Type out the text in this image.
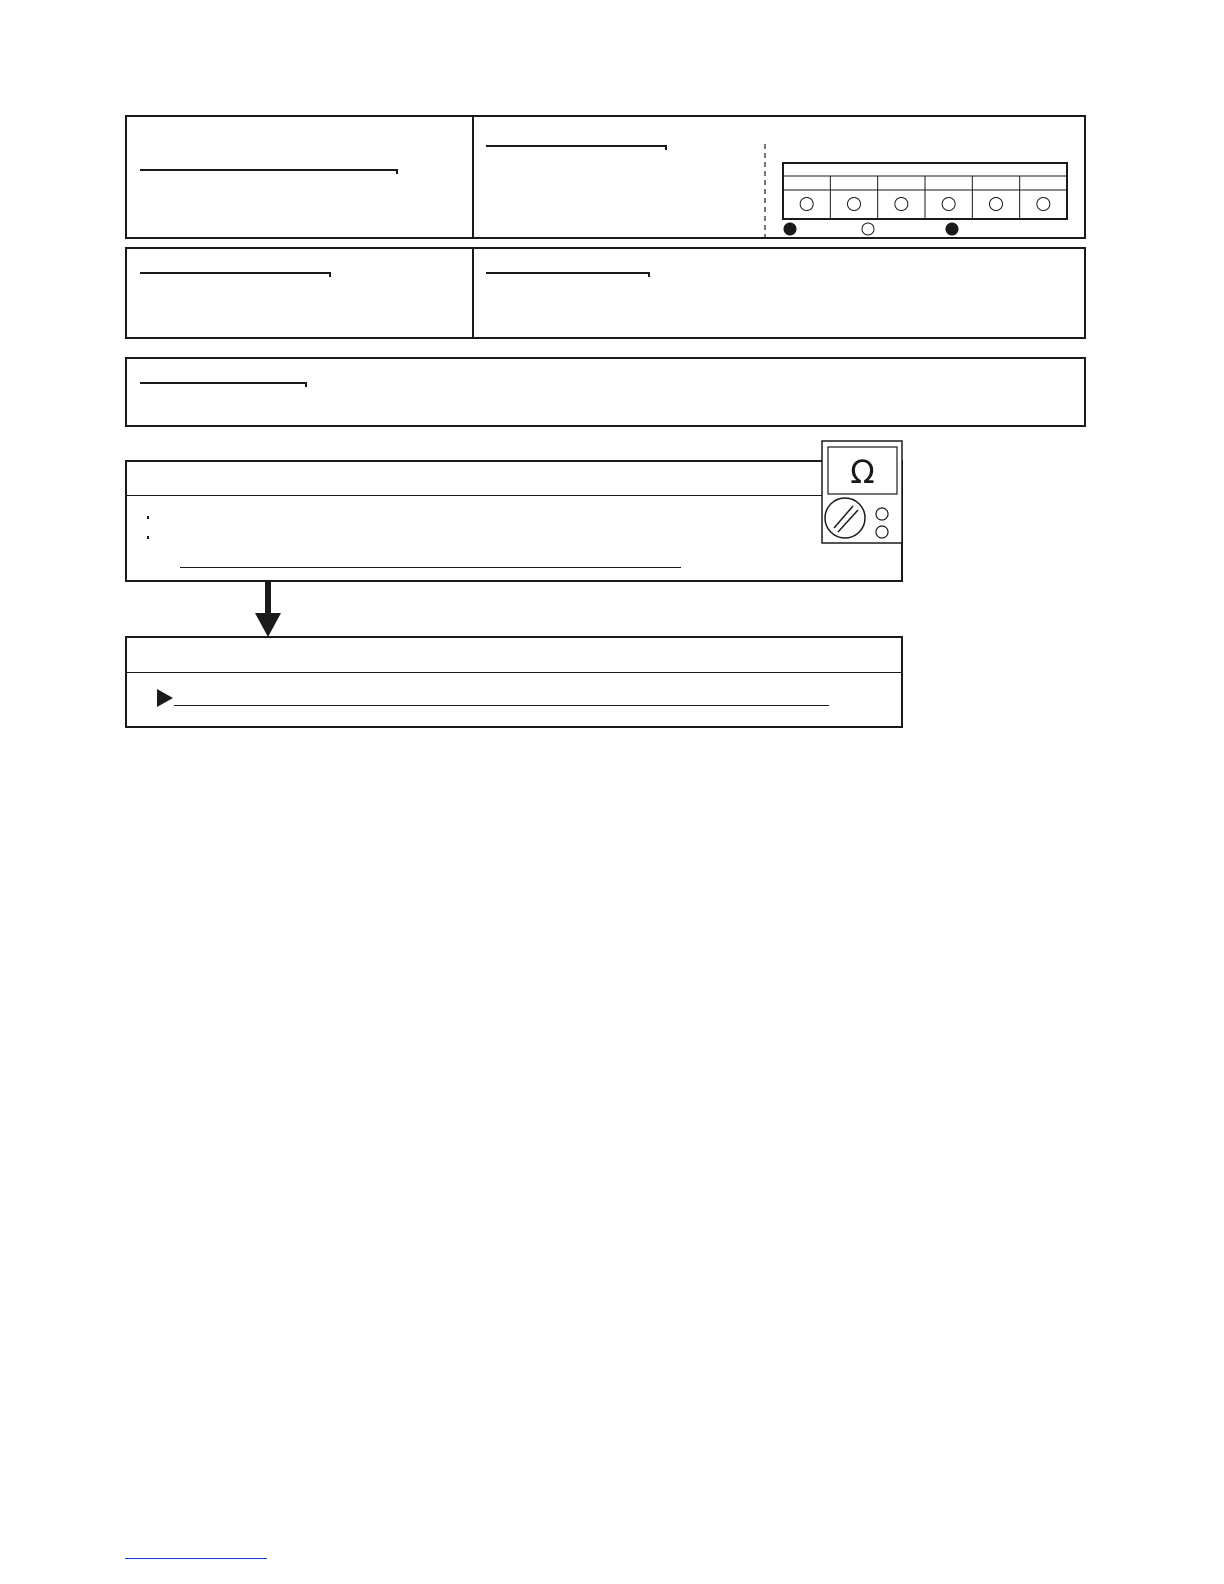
Ω
